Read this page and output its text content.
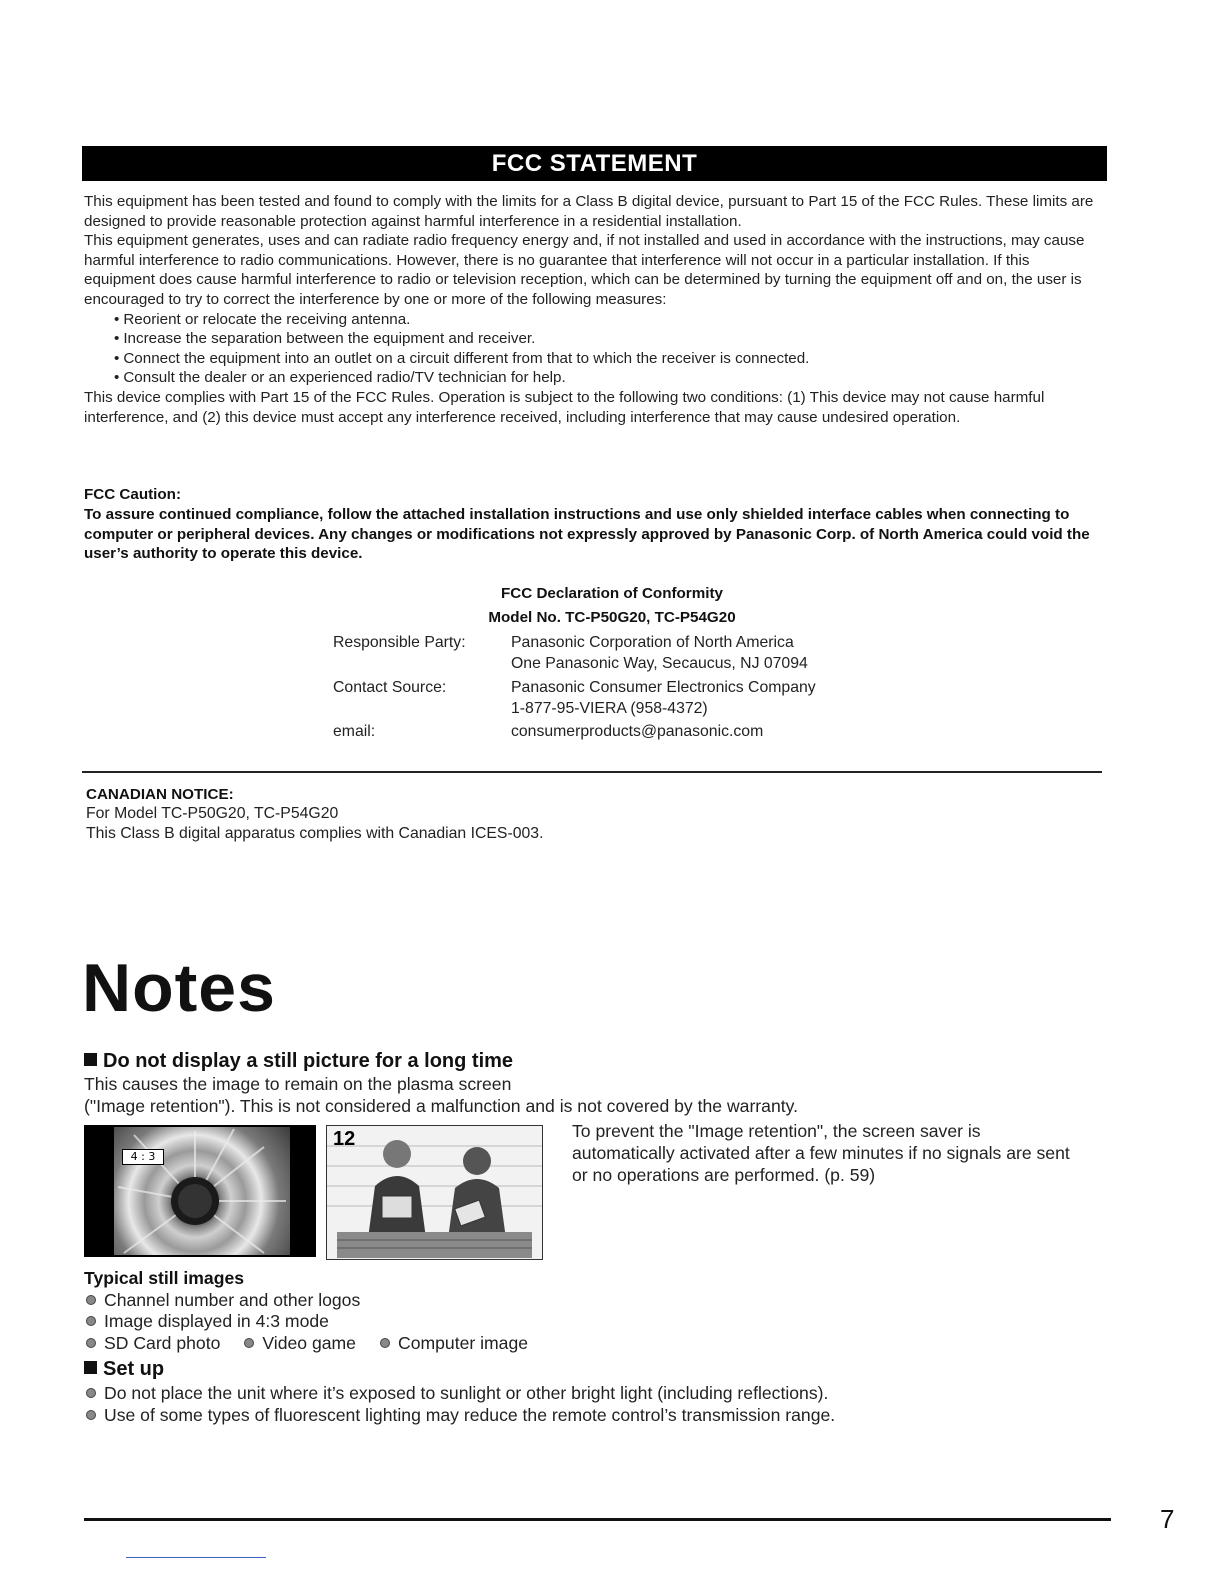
FCC STATEMENT

This equipment has been tested and found to comply with the limits for a Class B digital device, pursuant to Part 15 of the FCC Rules. These limits are designed to provide reasonable protection against harmful interference in a residential installation.

This equipment generates, uses and can radiate radio frequency energy and, if not installed and used in accordance with the instructions, may cause harmful interference to radio communications. However, there is no guarantee that interference will not occur in a particular installation. If this equipment does cause harmful interference to radio or television reception, which can be determined by turning the equipment off and on, the user is encouraged to try to correct the interference by one or more of the following measures:

• Reorient or relocate the receiving antenna.
• Increase the separation between the equipment and receiver.
• Connect the equipment into an outlet on a circuit different from that to which the receiver is connected.
• Consult the dealer or an experienced radio/TV technician for help.

This device complies with Part 15 of the FCC Rules. Operation is subject to the following two conditions: (1) This device may not cause harmful interference, and (2) this device must accept any interference received, including interference that may cause undesired operation.

FCC Caution:
To assure continued compliance, follow the attached installation instructions and use only shielded interface cables when connecting to computer or peripheral devices. Any changes or modifications not expressly approved by Panasonic Corp. of North America could void the user’s authority to operate this device.
FCC Declaration of Conformity
Model No. TC-P50G20, TC-P54G20
Responsible Party:	Panasonic Corporation of North America
One Panasonic Way, Secaucus, NJ 07094
Contact Source:	Panasonic Consumer Electronics Company
1-877-95-VIERA (958-4372)
email:	consumerproducts@panasonic.com
CANADIAN NOTICE:
For Model TC-P50G20, TC-P54G20
This Class B digital apparatus complies with Canadian ICES-003.
Notes
Do not display a still picture for a long time
This causes the image to remain on the plasma screen
("Image retention"). This is not considered a malfunction and is not covered by the warranty.
4 : 3
12	To prevent the "Image retention", the screen saver is automatically activated after a few minutes if no signals are sent or no operations are performed. (p. 59)
Typical still images
Channel number and other logos
Image displayed in 4:3 mode
SD Card photo Video game Computer image
Set up
Do not place the unit where it’s exposed to sunlight or other bright light (including reflections).
Use of some types of fluorescent lighting may reduce the remote control’s transmission range.
7
